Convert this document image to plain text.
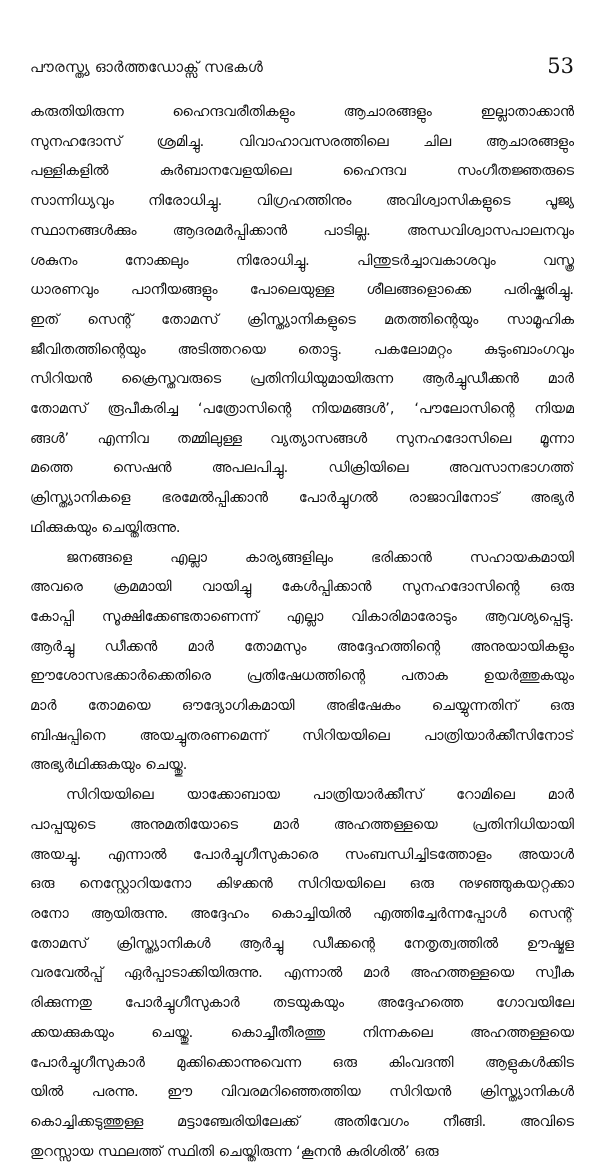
പൗരസ്ത്യ ഓർത്തഡോക്സ് സഭകൾ	53

കരുതിയിരുന്ന ഹൈന്ദവരീതികളും ആചാരങ്ങളും ഇല്ലാതാക്കാൻ
സുനഹദോസ് ശ്രമിച്ചു. വിവാഹാവസരത്തിലെ ചില ആചാരങ്ങളും
പള്ളികളിൽ കുർബാനവേളയിലെ ഹൈന്ദവ സംഗീതജ്ഞരുടെ
സാന്നിധ്യവും നിരോധിച്ചു. വിഗ്രഹത്തിനും അവിശ്വാസികളുടെ പൂജ്യ
സ്ഥാനങ്ങൾക്കും ആദരമർപ്പിക്കാൻ പാടില്ല. അന്ധവിശ്വാസപാലനവും
ശകുനം നോക്കലും നിരോധിച്ചു. പിന്തുടർച്ചാവകാശവും വസ്ത്ര
ധാരണവും പാനീയങ്ങളും പോലെയുള്ള ശീലങ്ങളൊക്കെ പരിഷ്കരിച്ചു.
ഇത് സെന്റ് തോമസ് ക്രിസ്ത്യാനികളുടെ മതത്തിന്റെയും സാമൂഹിക
ജീവിതത്തിന്റെയും അടിത്തറയെ തൊട്ടു. പകലോമറ്റം കുടുംബാംഗവും
സിറിയൻ ക്രൈസ്തവരുടെ പ്രതിനിധിയുമായിരുന്ന ആർച്ചുഡീക്കൻ മാർ
തോമസ് രൂപീകരിച്ച ‘പത്രോസിന്റെ നിയമങ്ങൾ’, ‘പൗലോസിന്റെ നിയമ
ങ്ങൾ’ എന്നിവ തമ്മിലുള്ള വ്യത്യാസങ്ങൾ സുനഹദോസിലെ മൂന്നാ
മത്തെ സെഷൻ അപലപിച്ചു. ഡിക്രിയിലെ അവസാനഭാഗത്ത്
ക്രിസ്ത്യാനികളെ ഭരമേൽപ്പിക്കാൻ പോർച്ചുഗൽ രാജാവിനോട് അഭ്യർ
ഥിക്കുകയും ചെയ്തിരുന്നു.

ജനങ്ങളെ എല്ലാ കാര്യങ്ങളിലും ഭരിക്കാൻ സഹായകമായി
അവരെ ക്രമമായി വായിച്ചു കേൾപ്പിക്കാൻ സുനഹദോസിന്റെ ഒരു
കോപ്പി സൂക്ഷിക്കേണ്ടതാണെന്ന് എല്ലാ വികാരിമാരോടും ആവശ്യപ്പെട്ടു.
ആർച്ചു ഡീക്കൻ മാർ തോമസും അദ്ദേഹത്തിന്റെ അനുയായികളും
ഈശോസഭക്കാർക്കെതിരെ പ്രതിഷേധത്തിന്റെ പതാക ഉയർത്തുകയും
മാർ തോമയെ ഔദ്യോഗികമായി അഭിഷേകം ചെയ്യുന്നതിന് ഒരു
ബിഷപ്പിനെ അയച്ചുതരണമെന്ന് സിറിയയിലെ പാത്രിയാർക്കീസിനോട്
അഭ്യർഥിക്കുകയും ചെയ്തു.

സിറിയയിലെ യാക്കോബായ പാത്രിയാർക്കീസ് റോമിലെ മാർ
പാപ്പയുടെ അനുമതിയോടെ മാർ അഹത്തള്ളയെ പ്രതിനിധിയായി
അയച്ചു. എന്നാൽ പോർച്ചുഗീസുകാരെ സംബന്ധിച്ചിടത്തോളം അയാൾ
ഒരു നെസ്റ്റോറിയനോ കിഴക്കൻ സിറിയയിലെ ഒരു നുഴഞ്ഞുകയറ്റക്കാ
രനോ ആയിരുന്നു. അദ്ദേഹം കൊച്ചിയിൽ എത്തിച്ചേർന്നപ്പോൾ സെന്റ്
തോമസ് ക്രിസ്ത്യാനികൾ ആർച്ചു ഡീക്കന്റെ നേതൃത്വത്തിൽ ഊഷ്മള
വരവേൽപ്പ് ഏർപ്പാടാക്കിയിരുന്നു. എന്നാൽ മാർ അഹത്തള്ളയെ സ്വീക
രിക്കുന്നതു പോർച്ചുഗീസുകാർ തടയുകയും അദ്ദേഹത്തെ ഗോവയിലേ
ക്കയക്കുകയും ചെയ്തു. കൊച്ചീതീരത്തു നിന്നകലെ അഹത്തള്ളയെ
പോർച്ചുഗീസുകാർ മുക്കിക്കൊന്നുവെന്ന ഒരു കിംവദന്തി ആളുകൾക്കിട
യിൽ പരന്നു. ഈ വിവരമറിഞ്ഞെത്തിയ സിറിയൻ ക്രിസ്ത്യാനികൾ
കൊച്ചിക്കടുത്തുള്ള മട്ടാഞ്ചേരിയിലേക്ക് അതിവേഗം നീങ്ങി. അവിടെ
തുറസ്സായ സ്ഥലത്ത് സ്ഥിതി ചെയ്തിരുന്ന ‘കൂനൻ കുരിശിൽ’ ഒരു
